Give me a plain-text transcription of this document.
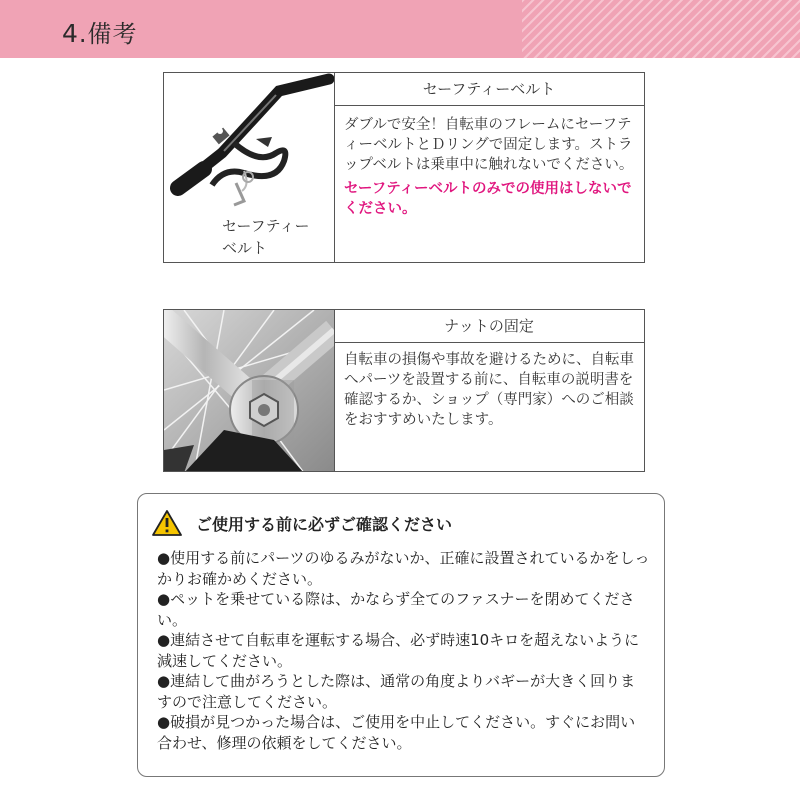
4.備考
セーフティー
ベルト
セーフティーベルト
ダブルで安全！自転車のフレームにセーフティーベルトとＤリングで固定します。ストラップベルトは乗車中に触れないでください。
セーフティーベルトのみでの使用はしないでください。
ナットの固定
自転車の損傷や事故を避けるために、自転車へパーツを設置する前に、自転車の説明書を確認するか、ショップ（専門家）へのご相談をおすすめいたします。
ご使用する前に必ずご確認ください

●使用する前にパーツのゆるみがないか、正確に設置されているかをしっかりお確かめください。

●ペットを乗せている際は、かならず全てのファスナーを閉めてください。

●連結させて自転車を運転する場合、必ず時速10キロを超えないように減速してください。

●連結して曲がろうとした際は、通常の角度よりバギーが大きく回りますので注意してください。

●破損が見つかった場合は、ご使用を中止してください。すぐにお問い合わせ、修理の依頼をしてください。
